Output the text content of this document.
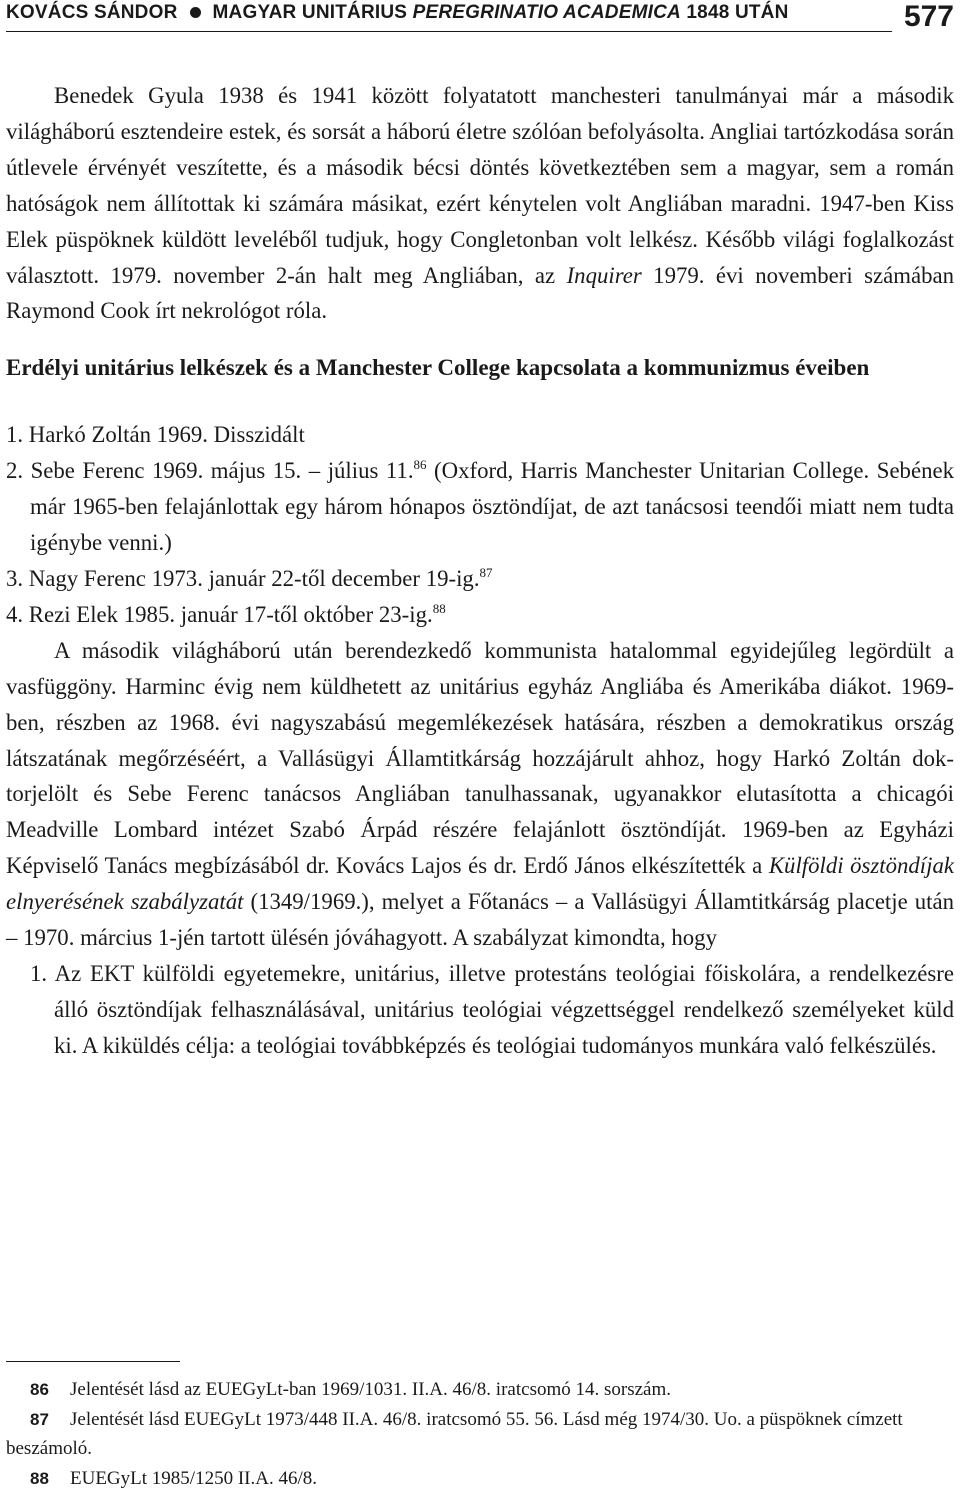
KOVÁCS SÁNDOR MAGYAR UNITÁRIUS PEREGRINATIO ACADEMICA 1848 UTÁN	577

Benedek Gyula 1938 és 1941 között folyatatott manchesteri tanulmányai már a második világháború esztendeire estek, és sorsát a háború életre szólóan befolyásolta. Angliai tartózkodása során útlevele érvényét veszítette, és a második bécsi döntés következtében sem a magyar, sem a román hatóságok nem állítottak ki számára másikat, ezért kénytelen volt Angliában maradni. 1947-ben Kiss Elek püspöknek küldött leveléből tudjuk, hogy Congletonban volt lelkész. Később világi foglalkozást választott. 1979. november 2-án halt meg Angliában, az Inquirer 1979. évi novemberi számában Raymond Cook írt nekrológot róla.

Erdélyi unitárius lelkészek és a Manchester College kapcsolata a kommunizmus éveiben
1. Harkó Zoltán 1969. Disszidált
2. Sebe Ferenc 1969. május 15. – július 11.86 (Oxford, Harris Manchester Unitarian College. Sebének már 1965-ben felajánlottak egy három hónapos ösztöndíjat, de azt tanácsosi teendői miatt nem tudta igénybe venni.)
3. Nagy Ferenc 1973. január 22-től december 19-ig.$^{87}$
4. Rezi Elek 1985. január 17-től október 23-ig.$^{88}$

A második világháború után berendezkedő kommunista hatalommal egyidejűleg legördült a vasfüggöny. Harminc évig nem küldhetett az unitárius egyház Angliába és Amerikába diákot. 1969-ben, részben az 1968. évi nagyszabású megemlékezések hatására, részben a demokratikus ország látszatának megőrzéséért, a Vallásügyi Államtitkárság hozzájárult ahhoz, hogy Harkó Zoltán doktorjelölt és Sebe Ferenc tanácsos Angliában tanulhassanak, ugyanakkor elutasította a chicagói Meadville Lombard intézet Szabó Árpád részére felajánlott ösztöndíját. 1969-ben az Egyházi Képviselő Tanács megbízásából dr. Kovács Lajos és dr. Erdő János elkészítették a Külföldi ösztöndíjak elnyerésének szabályzatát (1349/1969.), melyet a Főtanács – a Vallásügyi Államtitkárság placetje után – 1970. március 1-jén tartott ülésén jóváhagyott. A szabályzat kimondta, hogy

1. Az EKT külföldi egyetemekre, unitárius, illetve protestáns teológiai főiskolára, a rendelkezésre álló ösztöndíjak felhasználásával, unitárius teológiai végzettséggel rendelkező személyeket küld ki. A kiküldés célja: a teológiai továbbképzés és teológiai tudományos munkára való felkészülés.

86 Jelentését lásd az EUEGyLt-ban 1969/1031. II.A. 46/8. iratcsomó 14. sorszám.

87 Jelentését lásd EUEGyLt 1973/448 II.A. 46/8. iratcsomó 55. 56. Lásd még 1974/30. Uo. a püspöknek címzett beszámoló.

88 EUEGyLt 1985/1250 II.A. 46/8.
